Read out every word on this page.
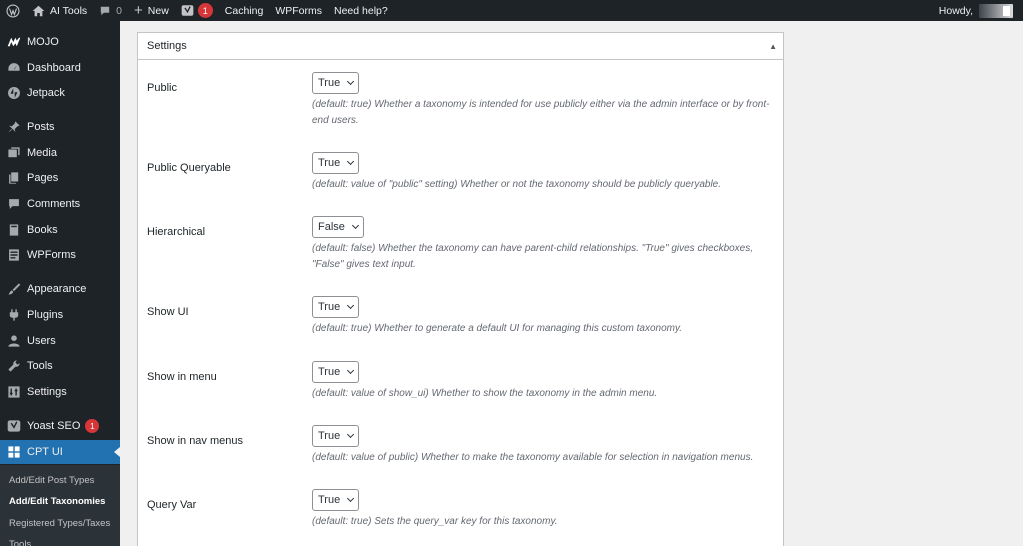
AI Tools	0 + New	1	Caching	WPForms	Need help?	Howdy,
MOJO
Dashboard
Jetpack
Posts
Media
Pages
Comments
Books
WPForms
Appearance
Plugins
Users
Tools
Settings
Yoast SEO	1
CPT UI
Add/Edit Post Types
Add/Edit Taxonomies
Registered Types/Taxes
Tools
Settings	▲
Public	True
(default: true) Whether a taxonomy is intended for use publicly either via the admin interface or by front-end users.
Public Queryable	True
(default: value of "public" setting) Whether or not the taxonomy should be publicly queryable.
Hierarchical	False
(default: false) Whether the taxonomy can have parent-child relationships. "True" gives checkboxes, "False" gives text input.
Show UI	True
(default: true) Whether to generate a default UI for managing this custom taxonomy.
Show in menu	True
(default: value of show_ui) Whether to show the taxonomy in the admin menu.
Show in nav menus	True
(default: value of public) Whether to make the taxonomy available for selection in navigation menus.
Query Var	True
(default: true) Sets the query_var key for this taxonomy.
